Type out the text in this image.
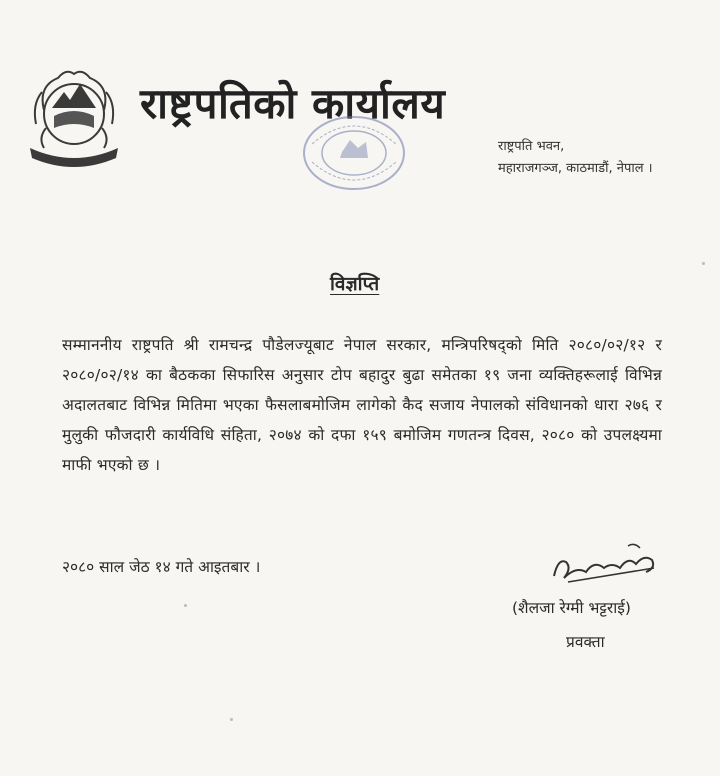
राष्ट्रपतिको कार्यालय
राष्ट्रपति भवन,
महाराजगञ्ज, काठमाडौं, नेपाल ।
विज्ञप्ति
सम्माननीय राष्ट्रपति श्री रामचन्द्र पौडेलज्यूबाट नेपाल सरकार, मन्त्रिपरिषद्को मिति २०८०/०२/१२ र २०८०/०२/१४ का बैठकका सिफारिस अनुसार टोप बहादुर बुढा समेतका १९ जना व्यक्तिहरूलाई विभिन्न अदालतबाट विभिन्न मितिमा भएका फैसलाबमोजिम लागेको कैद सजाय नेपालको संविधानको धारा २७६ र मुलुकी फौजदारी कार्यविधि संहिता, २०७४ को दफा १५९ बमोजिम गणतन्त्र दिवस, २०८० को उपलक्ष्यमा माफी भएको छ ।
२०८० साल जेठ १४ गते आइतबार ।
(शैलजा रेग्मी भट्टराई)
प्रवक्ता
